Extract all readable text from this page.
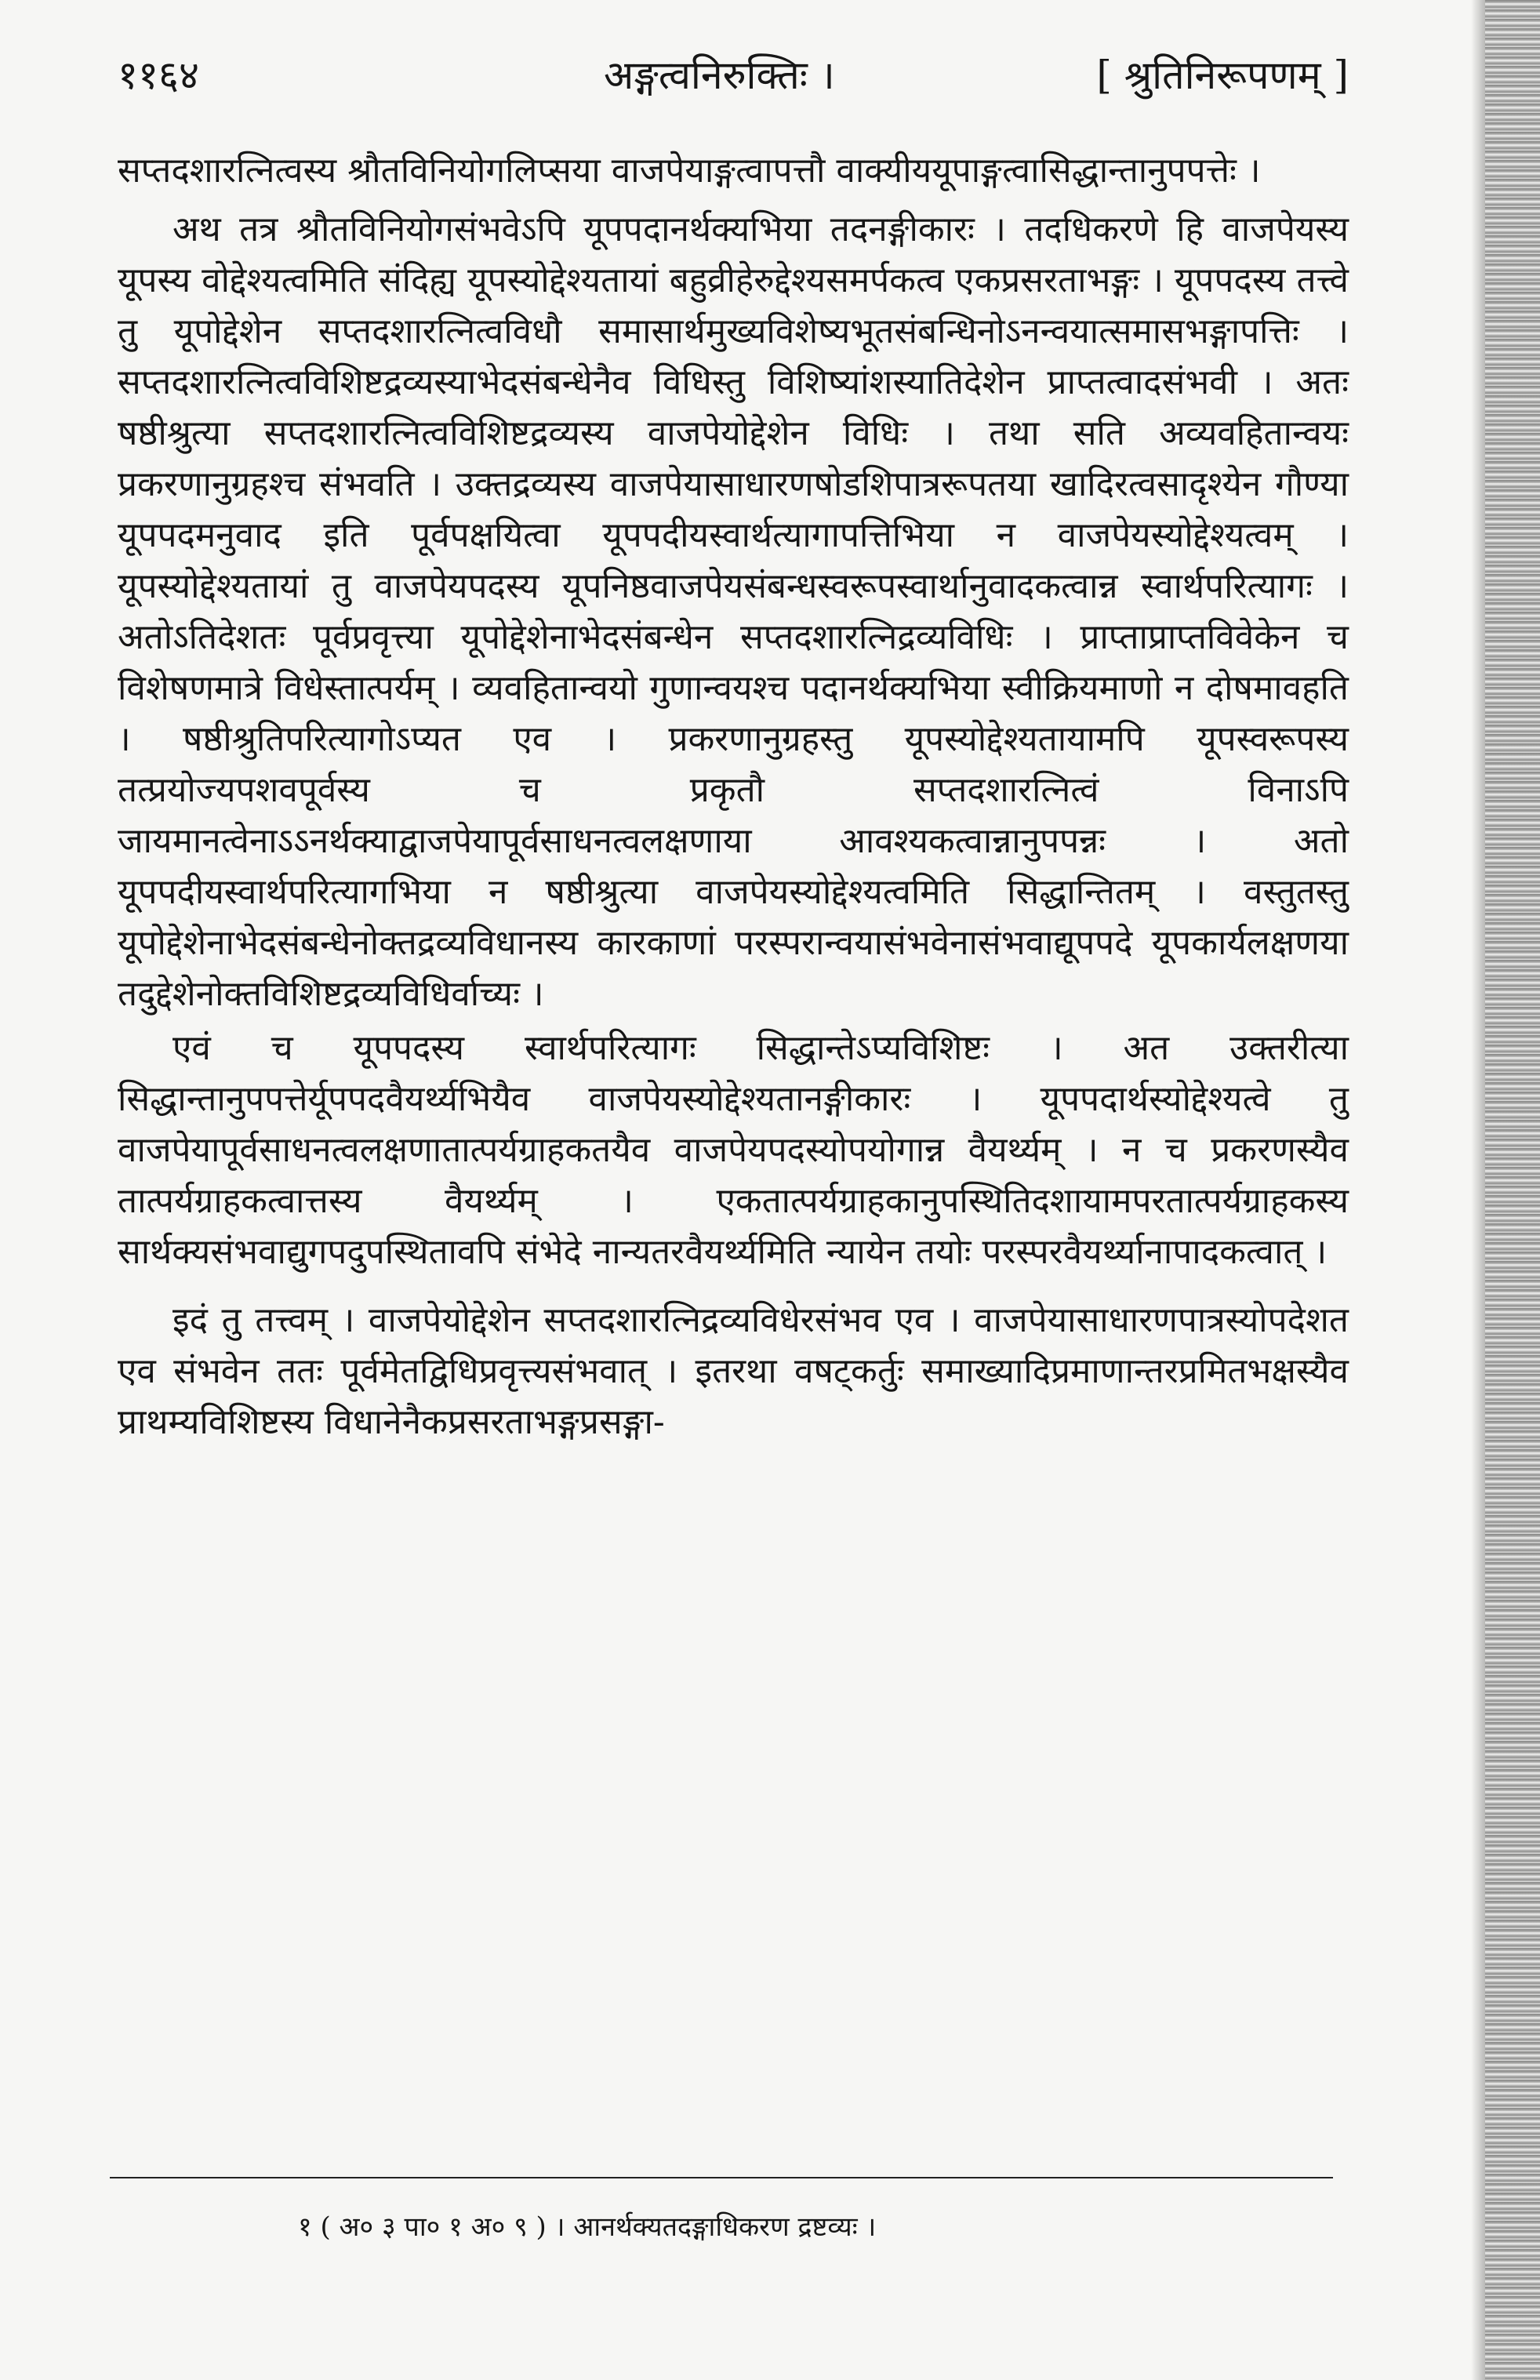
११६४	अङ्गत्वनिरुक्तिः ।	[ श्रुतिनिरूपणम् ]

सप्तदशारत्नित्वस्य श्रौतविनियोगलिप्सया वाजपेयाङ्गत्वापत्तौ वाक्यीययूपाङ्गत्वासिद्धान्तानुपपत्तेः ।

अथ तत्र श्रौतविनियोगसंभवेऽपि यूपपदानर्थक्यभिया तदनङ्गीकारः । तदधिकरणे हि वाजपेयस्य यूपस्य वोद्देश्यत्वमिति संदिह्य यूपस्योद्देश्यतायां बहुव्रीहेरुद्देश्यसमर्पकत्व एकप्रसरताभङ्गः । यूपपदस्य तत्त्वे तु यूपोद्देशेन सप्तदशारत्नित्वविधौ समासार्थमुख्यविशेष्यभूतसंबन्धिनोऽनन्वयात्समासभङ्गापत्तिः । सप्तदशारत्नित्वविशिष्टद्रव्यस्याभेदसंबन्धेनैव विधिस्तु विशिष्यांशस्यातिदेशेन प्राप्तत्वादसंभवी । अतः षष्ठीश्रुत्या सप्तदशारत्नित्वविशिष्टद्रव्यस्य वाजपेयोद्देशेन विधिः । तथा सति अव्यवहितान्वयः प्रकरणानुग्रहश्च संभवति । उक्तद्रव्यस्य वाजपेयासाधारणषोडशिपात्ररूपतया खादिरत्वसादृश्येन गौण्या यूपपदमनुवाद इति पूर्वपक्षयित्वा यूपपदीयस्वार्थत्यागापत्तिभिया न वाजपेयस्योद्देश्यत्वम् । यूपस्योद्देश्यतायां तु वाजपेयपदस्य यूपनिष्ठवाजपेयसंबन्धस्वरूपस्वार्थानुवादकत्वान्न स्वार्थपरित्यागः । अतोऽतिदेशतः पूर्वप्रवृत्त्या यूपोद्देशेनाभेदसंबन्धेन सप्तदशारत्निद्रव्यविधिः । प्राप्ताप्राप्तविवेकेन च विशेषणमात्रे विधेस्तात्पर्यम् । व्यवहितान्वयो गुणान्वयश्च पदानर्थक्यभिया स्वीक्रियमाणो न दोषमावहति । षष्ठीश्रुतिपरित्यागोऽप्यत एव । प्रकरणानुग्रहस्तु यूपस्योद्देश्यतायामपि यूपस्वरूपस्य तत्प्रयोज्यपशवपूर्वस्य च प्रकृतौ सप्तदशारत्नित्वं विनाऽपि जायमानत्वेनाऽऽनर्थक्याद्वाजपेयापूर्वसाधनत्वलक्षणाया आवश्यकत्वान्नानुपपन्नः । अतो यूपपदीयस्वार्थपरित्यागभिया न षष्ठीश्रुत्या वाजपेयस्योद्देश्यत्वमिति सिद्धान्तितम् । वस्तुतस्तु यूपोद्देशेनाभेदसंबन्धेनोक्तद्रव्यविधानस्य कारकाणां परस्परान्वयासंभवेनासंभवाद्यूपपदे यूपकार्यलक्षणया तदुद्देशेनोक्तविशिष्टद्रव्यविधिर्वाच्यः ।

एवं च यूपपदस्य स्वार्थपरित्यागः सिद्धान्तेऽप्यविशिष्टः । अत उक्तरीत्या सिद्धान्तानुपपत्तेर्यूपपदवैयर्थ्यभियैव वाजपेयस्योद्देश्यतानङ्गीकारः । यूपपदार्थस्योद्देश्यत्वे तु वाजपेयापूर्वसाधनत्वलक्षणातात्पर्यग्राहकतयैव वाजपेयपदस्योपयोगान्न वैयर्थ्यम् । न च प्रकरणस्यैव तात्पर्यग्राहकत्वात्तस्य वैयर्थ्यम् । एकतात्पर्यग्राहकानुपस्थितिदशायामपरतात्पर्यग्राहकस्य सार्थक्यसंभवाद्युगपदुपस्थितावपि संभेदे नान्यतरवैयर्थ्यमिति न्यायेन तयोः परस्परवैयर्थ्यानापादकत्वात् ।

इदं तु तत्त्वम् । वाजपेयोद्देशेन सप्तदशारत्निद्रव्यविधेरसंभव एव । वाजपेयासाधारणपात्रस्योपदेशत एव संभवेन ततः पूर्वमेतद्विधिप्रवृत्त्यसंभवात् । इतरथा वषट्कर्तुः समाख्यादिप्रमाणान्तरप्रमितभक्षस्यैव प्राथम्यविशिष्टस्य विधानेनैकप्रसरताभङ्गप्रसङ्गा-

१ ( अ० ३ पा० १ अ० ९ ) । आनर्थक्यतदङ्गाधिकरण द्रष्टव्यः ।
